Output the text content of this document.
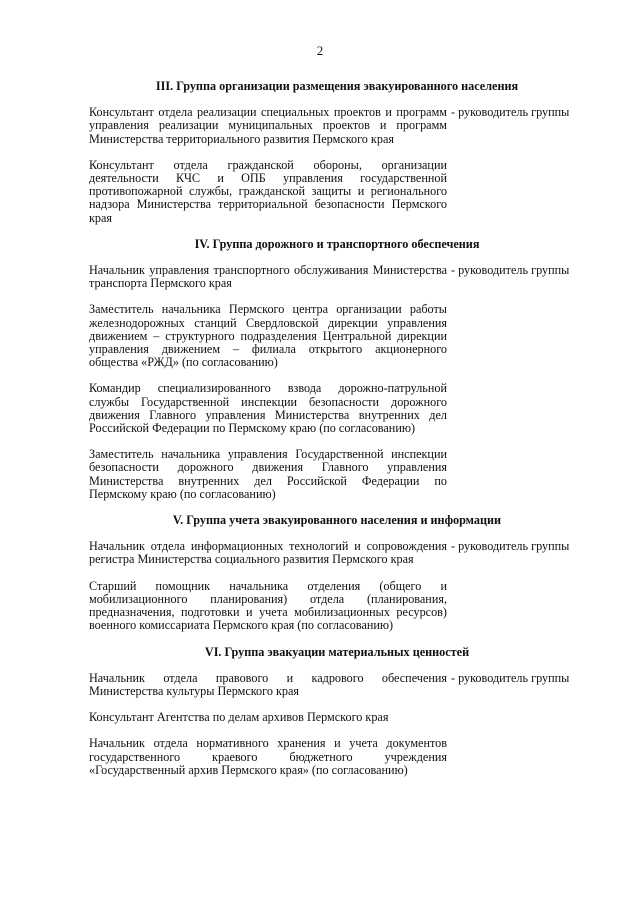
2
III. Группа организации размещения эвакуированного населения
Консультант отдела реализации специальных проектов и программ управления реализации муниципальных проектов и программ Министерства территориального развития Пермского края
- руководитель группы
Консультант отдела гражданской обороны, организации деятельности КЧС и ОПБ управления государственной противопожарной службы, гражданской защиты и регионального надзора Министерства территориальной безопасности Пермского края
IV. Группа дорожного и транспортного обеспечения
Начальник управления транспортного обслуживания Министерства транспорта Пермского края
- руководитель группы
Заместитель начальника Пермского центра организации работы железнодорожных станций Свердловской дирекции управления движением – структурного подразделения Центральной дирекции управления движением – филиала открытого акционерного общества «РЖД» (по согласованию)
Командир специализированного взвода дорожно-патрульной службы Государственной инспекции безопасности дорожного движения Главного управления Министерства внутренних дел Российской Федерации по Пермскому краю (по согласованию)
Заместитель начальника управления Государственной инспекции безопасности дорожного движения Главного управления Министерства внутренних дел Российской Федерации по Пермскому краю (по согласованию)
V. Группа учета эвакуированного населения и информации
Начальник отдела информационных технологий и сопровождения регистра Министерства социального развития Пермского края
- руководитель группы
Старший помощник начальника отделения (общего и мобилизационного планирования) отдела (планирования, предназначения, подготовки и учета мобилизационных ресурсов) военного комиссариата Пермского края (по согласованию)
VI. Группа эвакуации материальных ценностей
Начальник отдела правового и кадрового обеспечения Министерства культуры Пермского края
- руководитель группы
Консультант Агентства по делам архивов Пермского края
Начальник отдела нормативного хранения и учета документов государственного краевого бюджетного учреждения «Государственный архив Пермского края» (по согласованию)
